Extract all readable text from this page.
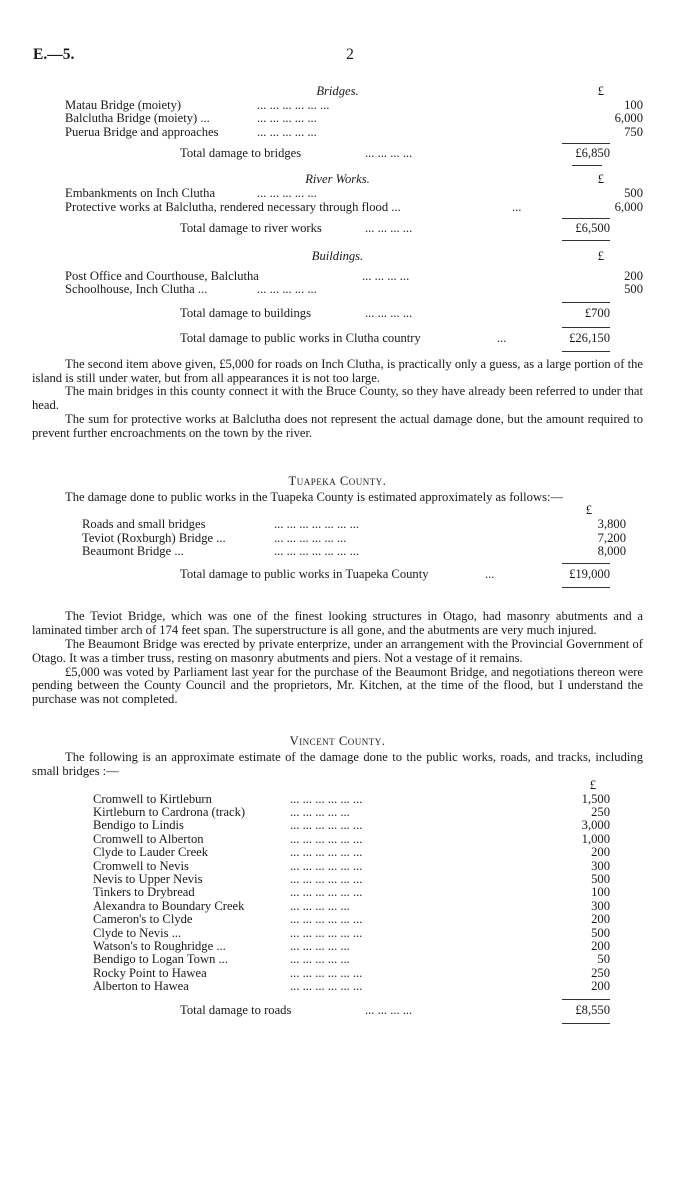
E.—5.	2
Bridges.	£
Matau Bridge (moiety)	... ... ... ... ... ...	100
Balclutha Bridge (moiety) ...	... ... ... ... ...	6,000
Puerua Bridge and approaches	... ... ... ... ...	750
Total damage to bridges	... ... ... ...	£6,850
River Works.	£
Embankments on Inch Clutha	... ... ... ... ...	500
Protective works at Balclutha, rendered necessary through flood ...	...	6,000
Total damage to river works	... ... ... ...	£6,500
Buildings.	£
Post Office and Courthouse, Balclutha	... ... ... ...	200
Schoolhouse, Inch Clutha ...	... ... ... ... ...	500
Total damage to buildings	... ... ... ...	£700
Total damage to public works in Clutha country	...	£26,150

The second item above given, £5,000 for roads on Inch Clutha, is practically only a guess, as a large portion of the island is still under water, but from all appearances it is not too large.

The main bridges in this county connect it with the Bruce County, so they have already been referred to under that head.

The sum for protective works at Balclutha does not represent the actual damage done, but the amount required to prevent further encroachments on the town by the river.

Tuapeka County.
The damage done to public works in the Tuapeka County is estimated approximately as follows:—
£
Roads and small bridges	... ... ... ... ... ... ...	3,800
Teviot (Roxburgh) Bridge ...	... ... ... ... ... ...	7,200
Beaumont Bridge ...	... ... ... ... ... ... ...	8,000
Total damage to public works in Tuapeka County	...	£19,000

The Teviot Bridge, which was one of the finest looking structures in Otago, had masonry abutments and a laminated timber arch of 174 feet span. The superstructure is all gone, and the abutments are very much injured.

The Beaumont Bridge was erected by private enterprize, under an arrangement with the Provincial Government of Otago. It was a timber truss, resting on masonry abutments and piers. Not a vestage of it remains.

£5,000 was voted by Parliament last year for the purchase of the Beaumont Bridge, and negotiations thereon were pending between the County Council and the proprietors, Mr. Kitchen, at the time of the flood, but I understand the purchase was not completed.

Vincent County.
The following is an approximate estimate of the damage done to the public works, roads, and tracks, including small bridges :—
£
Cromwell to Kirtleburn	... ... ... ... ... ...	1,500
Kirtleburn to Cardrona (track)	... ... ... ... ...	250
Bendigo to Lindis	... ... ... ... ... ...	3,000
Cromwell to Alberton	... ... ... ... ... ...	1,000
Clyde to Lauder Creek	... ... ... ... ... ...	200
Cromwell to Nevis	... ... ... ... ... ...	300
Nevis to Upper Nevis	... ... ... ... ... ...	500
Tinkers to Drybread	... ... ... ... ... ...	100
Alexandra to Boundary Creek	... ... ... ... ...	300
Cameron's to Clyde	... ... ... ... ... ...	200
Clyde to Nevis ...	... ... ... ... ... ...	500
Watson's to Roughridge ...	... ... ... ... ...	200
Bendigo to Logan Town ...	... ... ... ... ...	50
Rocky Point to Hawea	... ... ... ... ... ...	250
Alberton to Hawea	... ... ... ... ... ...	200
Total damage to roads	... ... ... ...	£8,550
